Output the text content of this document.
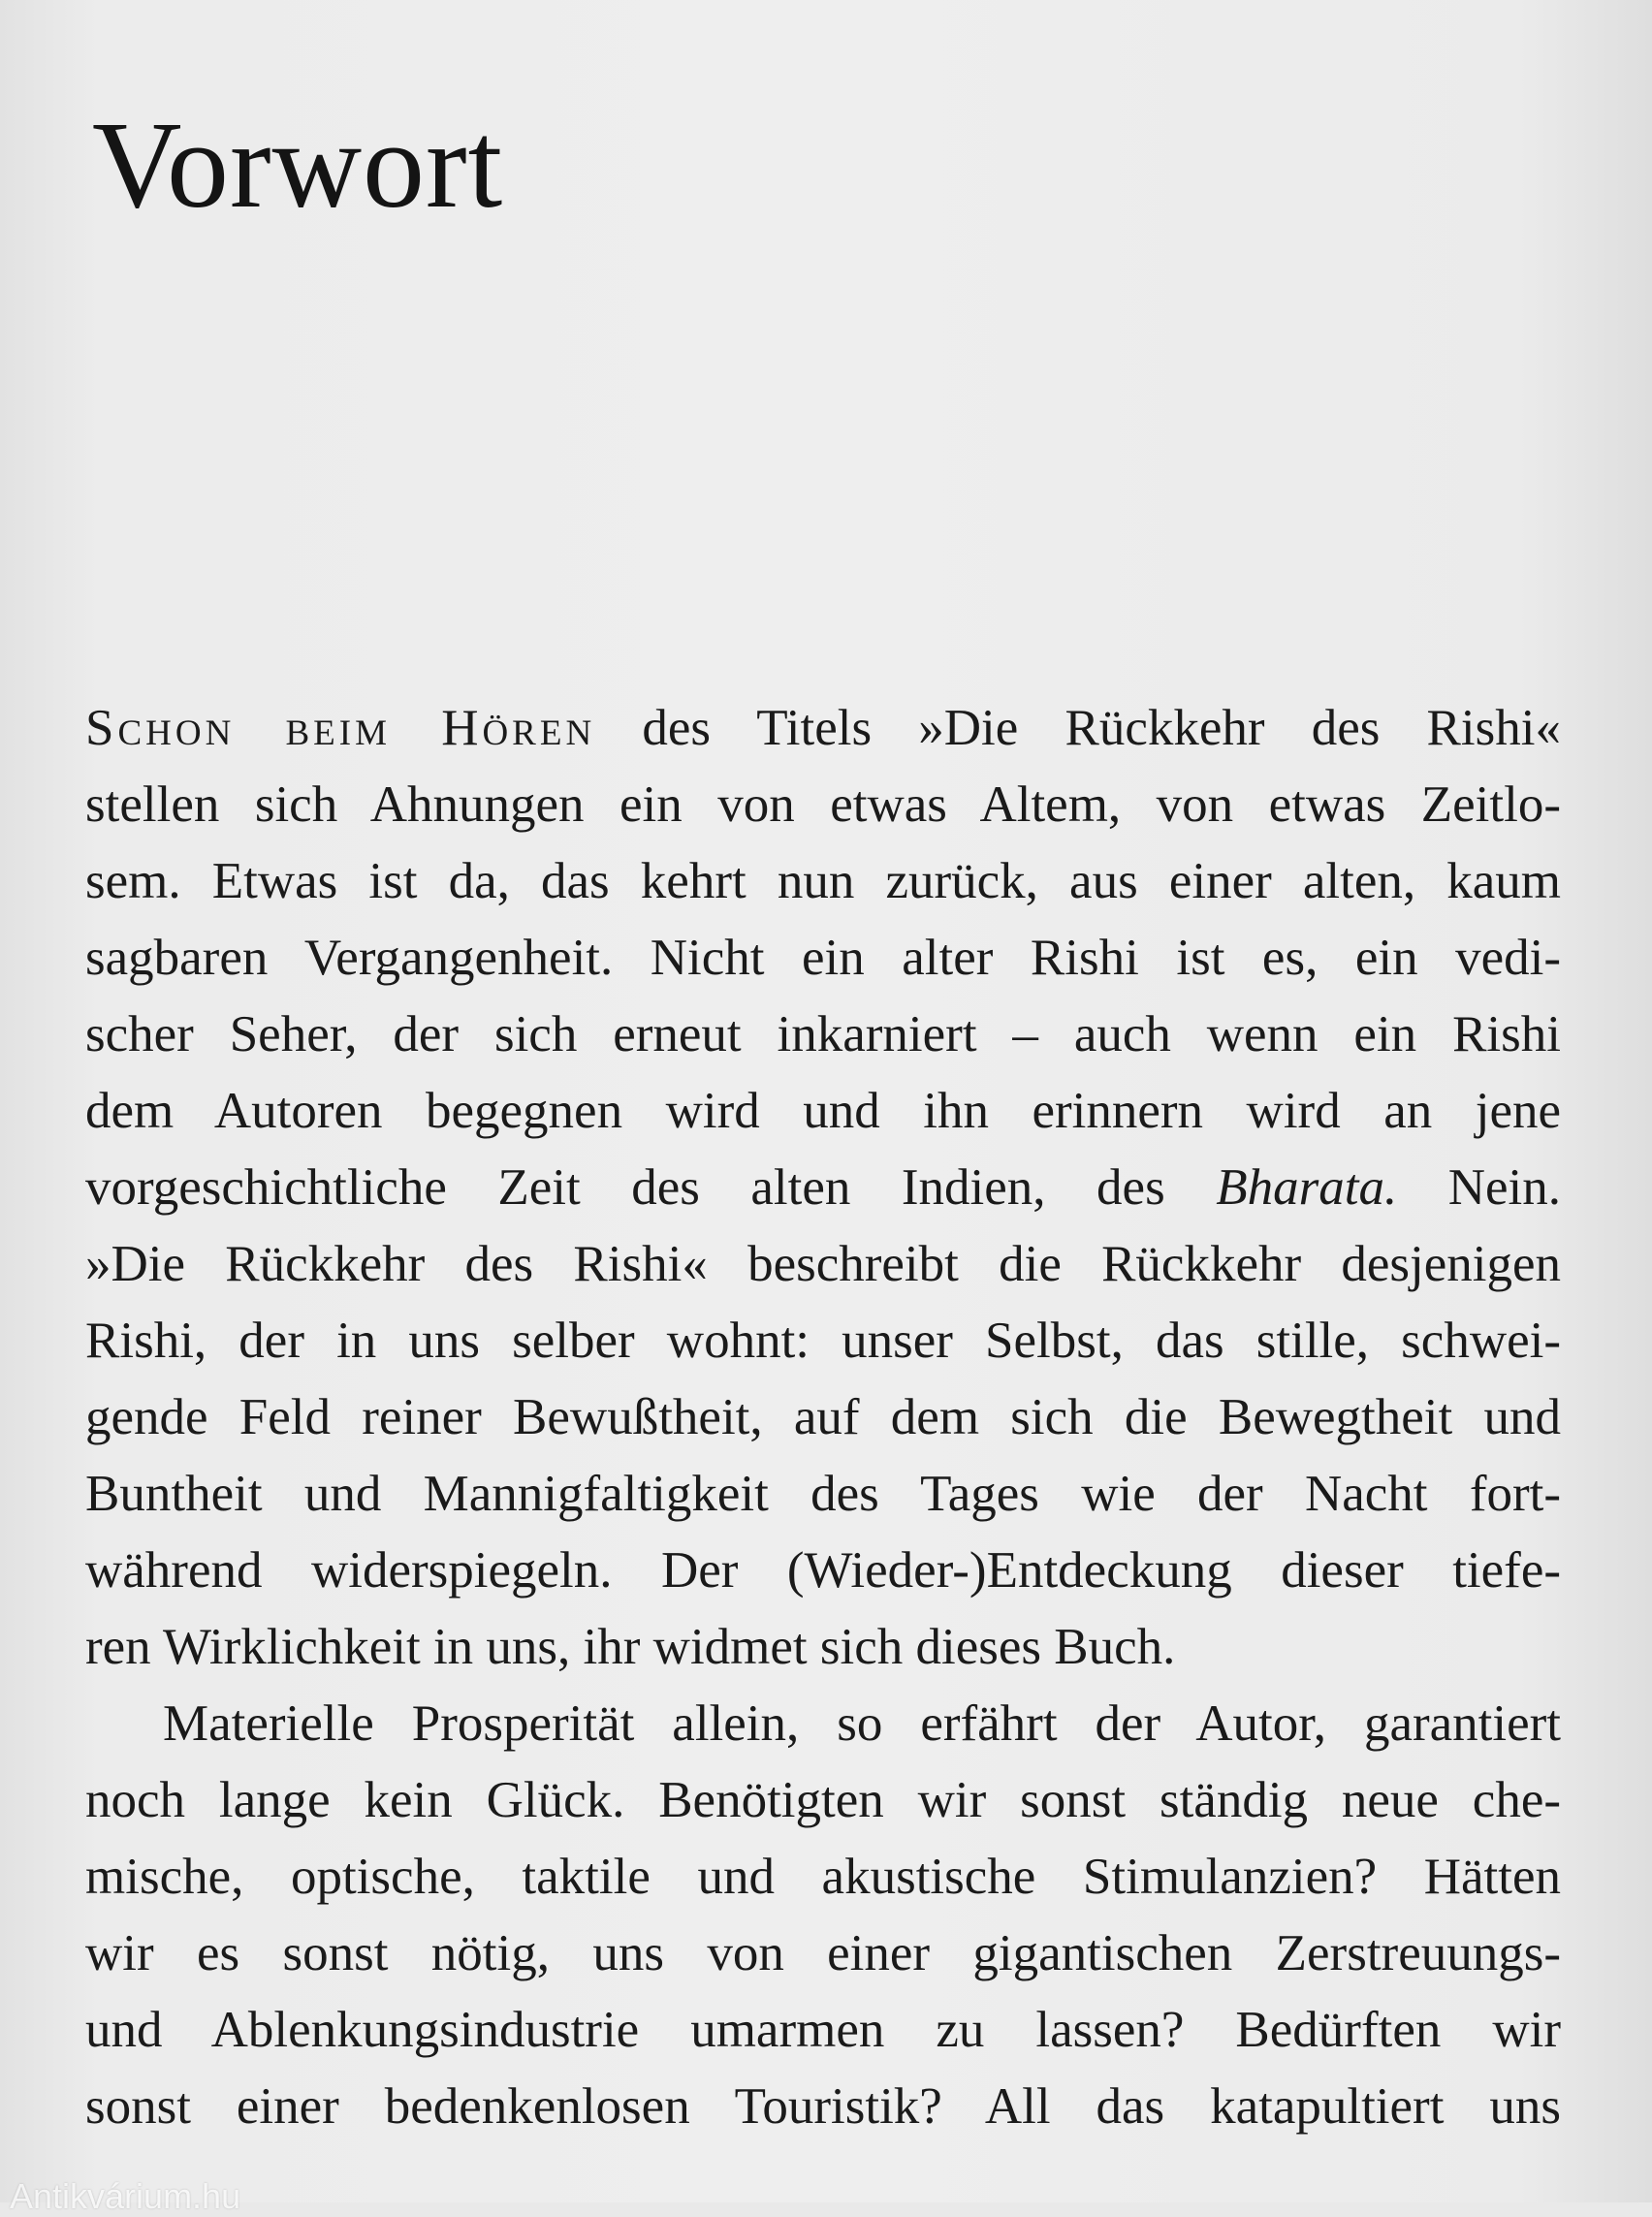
Vorwort
Schon beim Hören des Titels »Die Rückkehr des Rishi«
stellen sich Ahnungen ein von etwas Altem, von etwas Zeitlo-
sem. Etwas ist da, das kehrt nun zurück, aus einer alten, kaum
sagbaren Vergangenheit. Nicht ein alter Rishi ist es, ein vedi-
scher Seher, der sich erneut inkarniert – auch wenn ein Rishi
dem Autoren begegnen wird und ihn erinnern wird an jene
vorgeschichtliche Zeit des alten Indien, des Bharata. Nein.
»Die Rückkehr des Rishi« beschreibt die Rückkehr desjenigen
Rishi, der in uns selber wohnt: unser Selbst, das stille, schwei-
gende Feld reiner Bewußtheit, auf dem sich die Bewegtheit und
Buntheit und Mannigfaltigkeit des Tages wie der Nacht fort-
während widerspiegeln. Der (Wieder-)Entdeckung dieser tiefe-
ren Wirklichkeit in uns, ihr widmet sich dieses Buch.
Materielle Prosperität allein, so erfährt der Autor, garantiert
noch lange kein Glück. Benötigten wir sonst ständig neue che-
mische, optische, taktile und akustische Stimulanzien? Hätten
wir es sonst nötig, uns von einer gigantischen Zerstreuungs-
und Ablenkungsindustrie umarmen zu lassen? Bedürften wir
sonst einer bedenkenlosen Touristik? All das katapultiert uns
Antikvárium.hu
